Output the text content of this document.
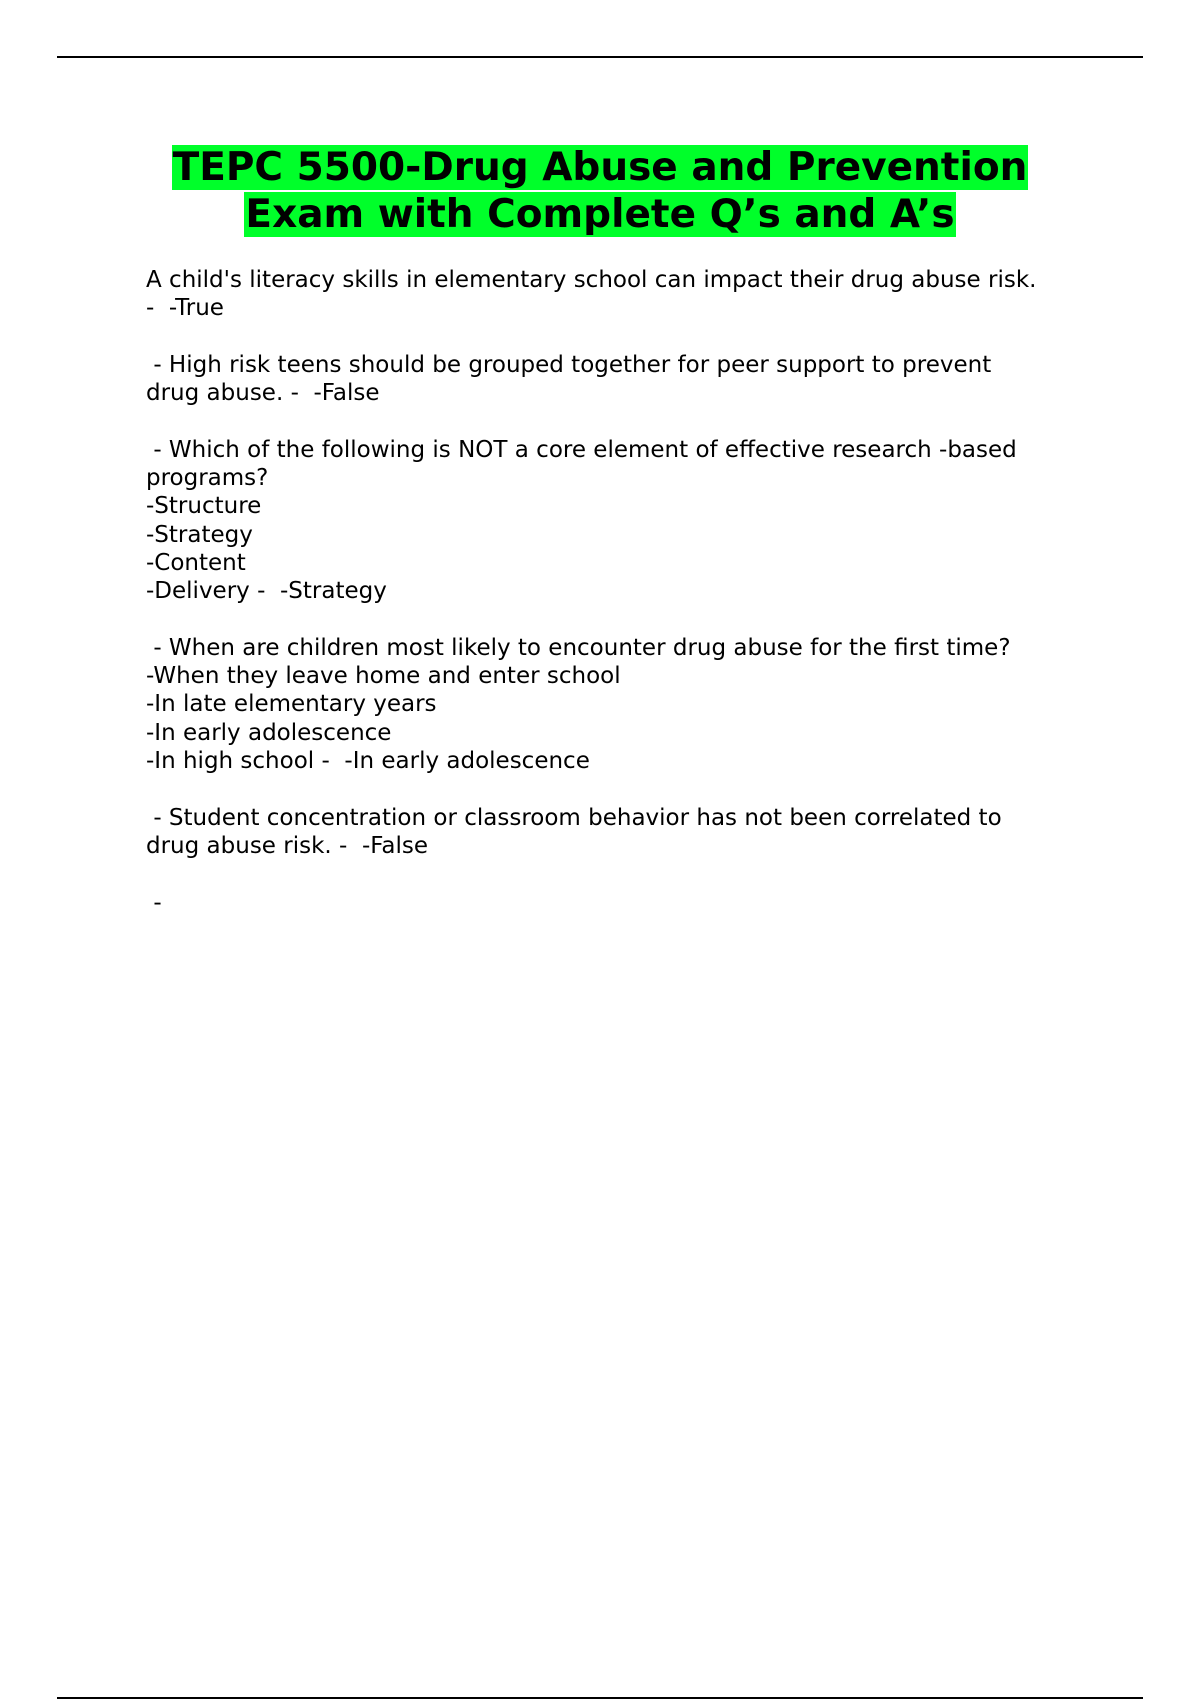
TEPC 5500-Drug Abuse and Prevention
Exam with Complete Q’s and A’s
A child's literacy skills in elementary school can impact their drug abuse risk.
-  -True
- High risk teens should be grouped together for peer support to prevent
drug abuse. -  -False
- Which of the following is NOT a core element of effective research -based
programs?
-Structure
-Strategy
-Content
-Delivery -  -Strategy
- When are children most likely to encounter drug abuse for the first time?
-When they leave home and enter school
-In late elementary years
-In early adolescence
-In high school -  -In early adolescence
- Student concentration or classroom behavior has not been correlated to
drug abuse risk. -  -False
-
